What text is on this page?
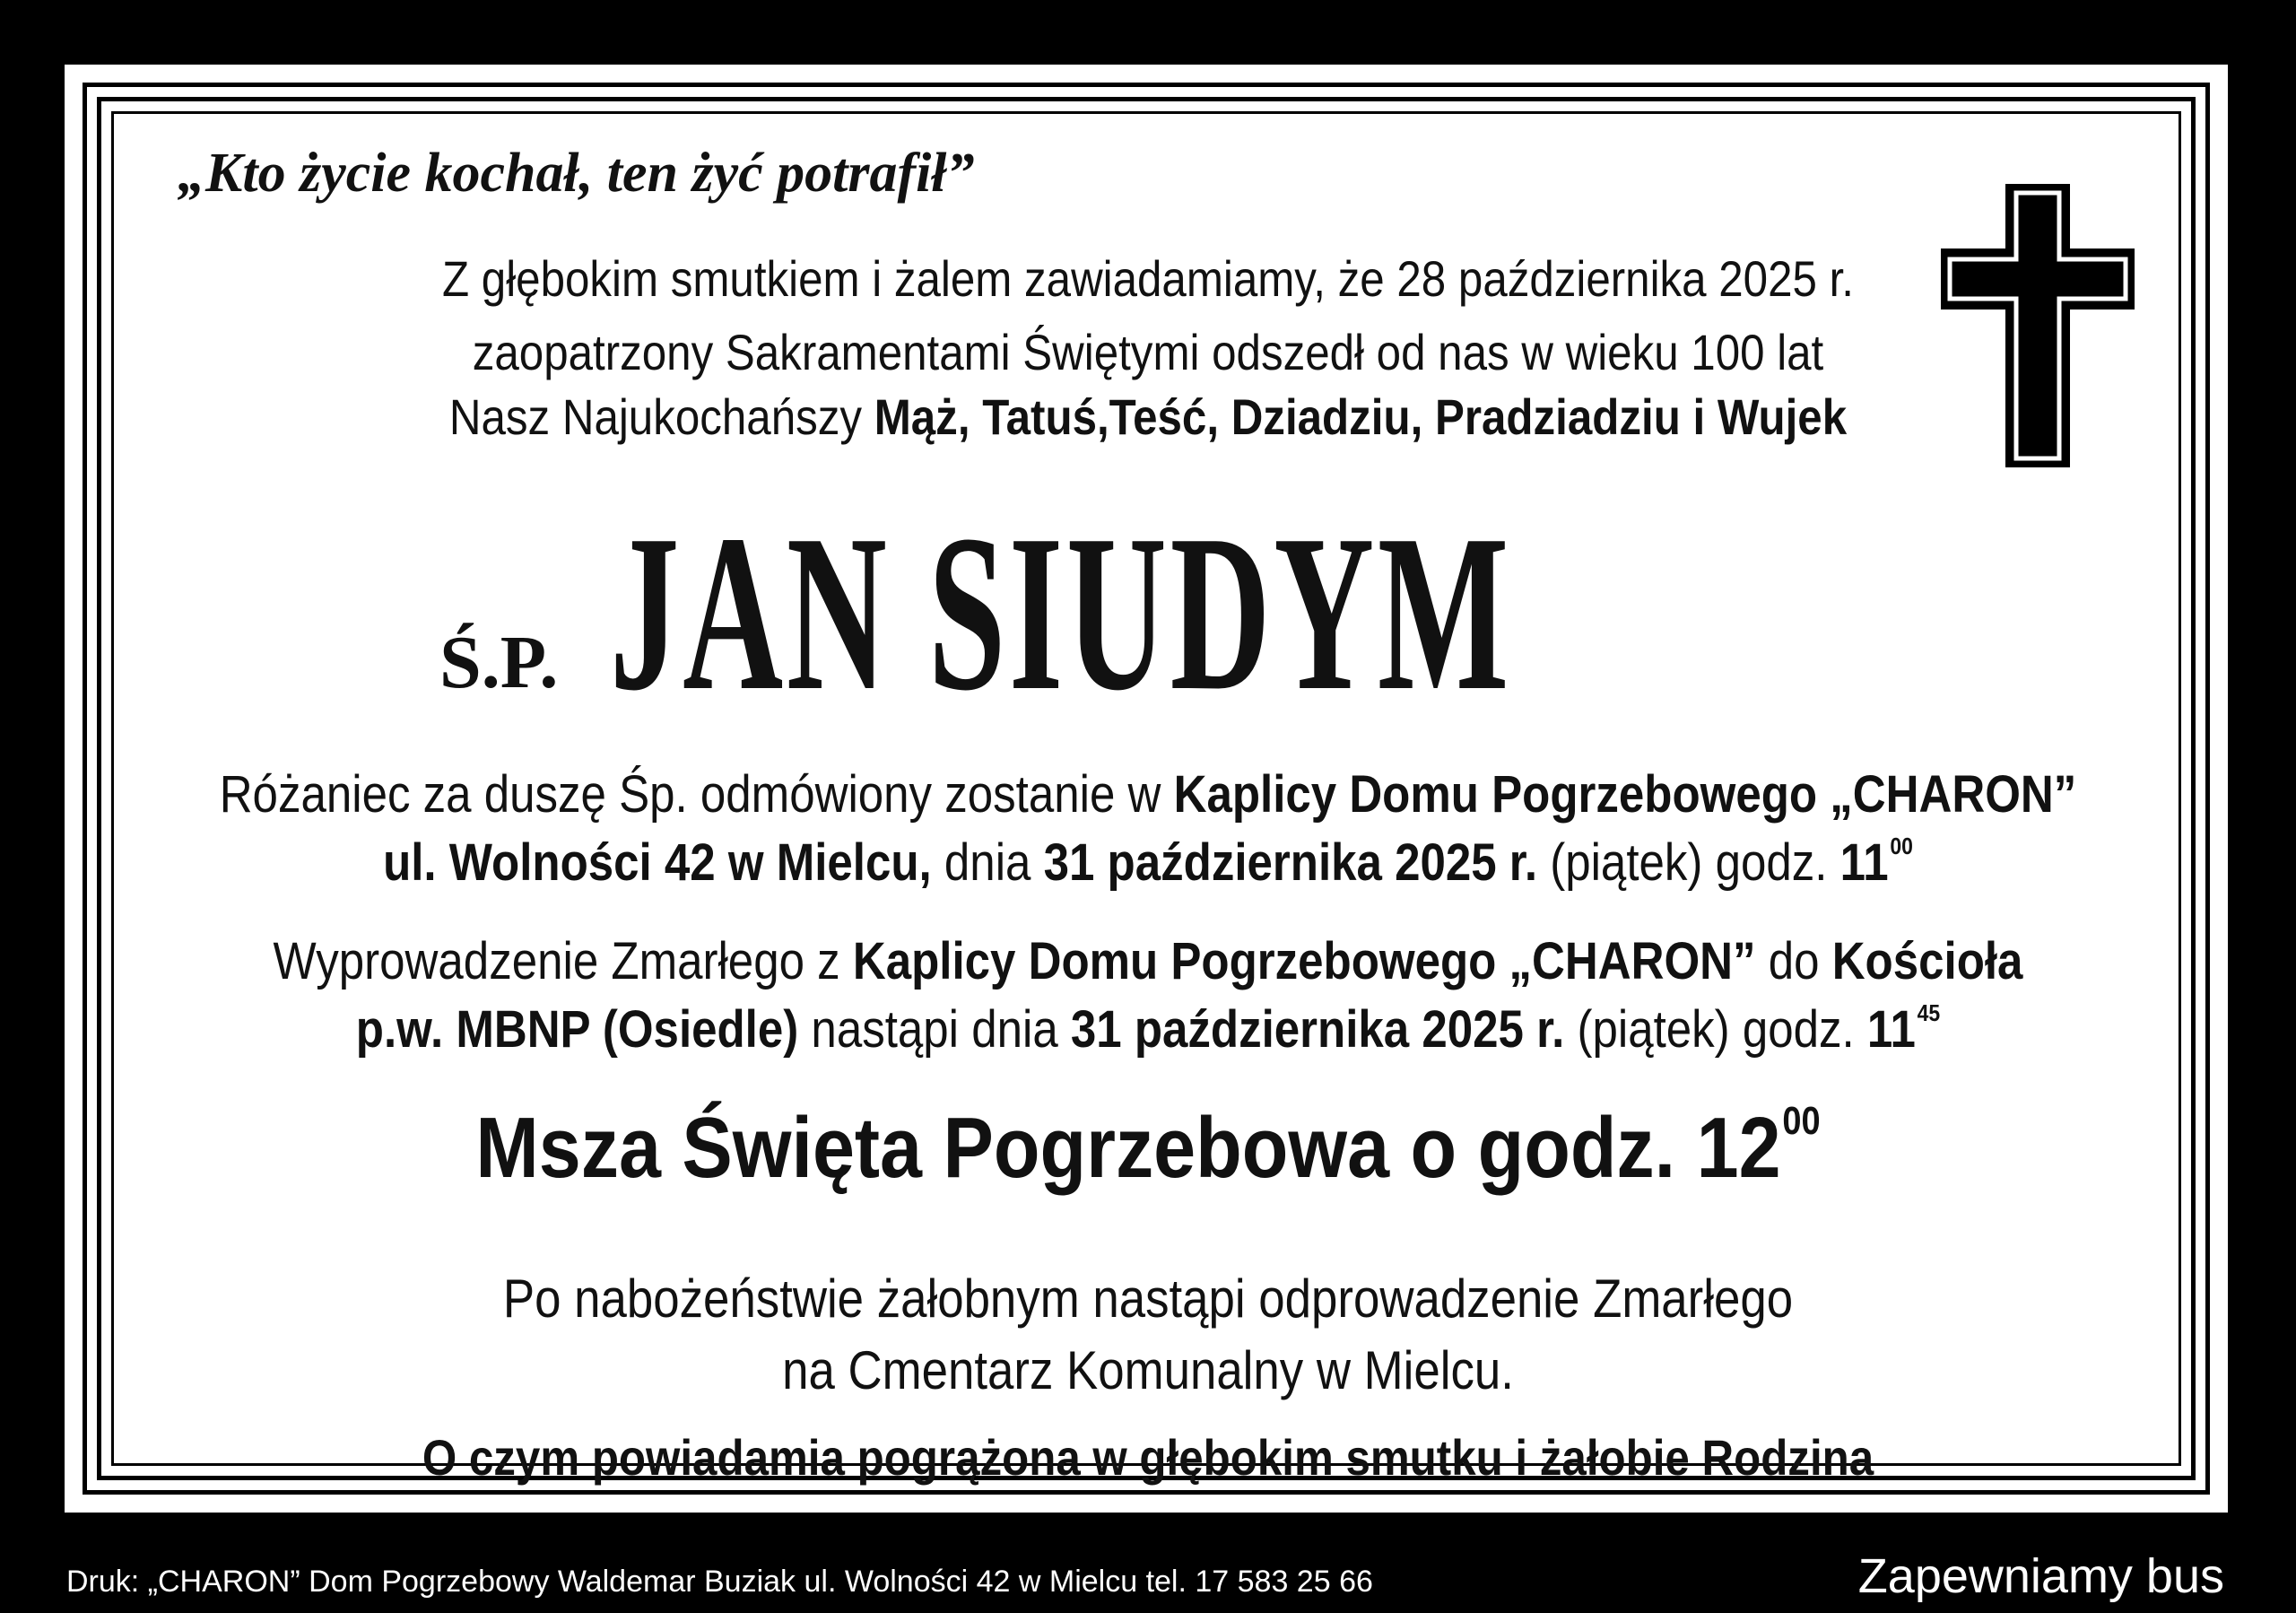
„Kto życie kochał, ten żyć potrafił”
Z głębokim smutkiem i żalem zawiadamiamy, że 28 października 2025 r.
zaopatrzony Sakramentami Świętymi odszedł od nas w wieku 100 lat
Nasz Najukochańszy Mąż, Tatuś,Teść, Dziadziu, Pradziadziu i Wujek
Ś.P. JAN SIUDYM
Różaniec za duszę Śp. odmówiony zostanie w Kaplicy Domu Pogrzebowego „CHARON”
ul. Wolności 42 w Mielcu, dnia 31 października 2025 r. (piątek) godz. $11^{00}$
Wyprowadzenie Zmarłego z Kaplicy Domu Pogrzebowego „CHARON” do Kościoła
p.w. MBNP (Osiedle) nastąpi dnia 31 października 2025 r. (piątek) godz. $11^{45}$
Msza Święta Pogrzebowa o godz. $12^{00}$
Po nabożeństwie żałobnym nastąpi odprowadzenie Zmarłego
na Cmentarz Komunalny w Mielcu.
O czym powiadamia pogrążona w głębokim smutku i żałobie Rodzina
Druk: „CHARON” Dom Pogrzebowy Waldemar Buziak ul. Wolności 42 w Mielcu tel. 17 583 25 66	Zapewniamy bus
